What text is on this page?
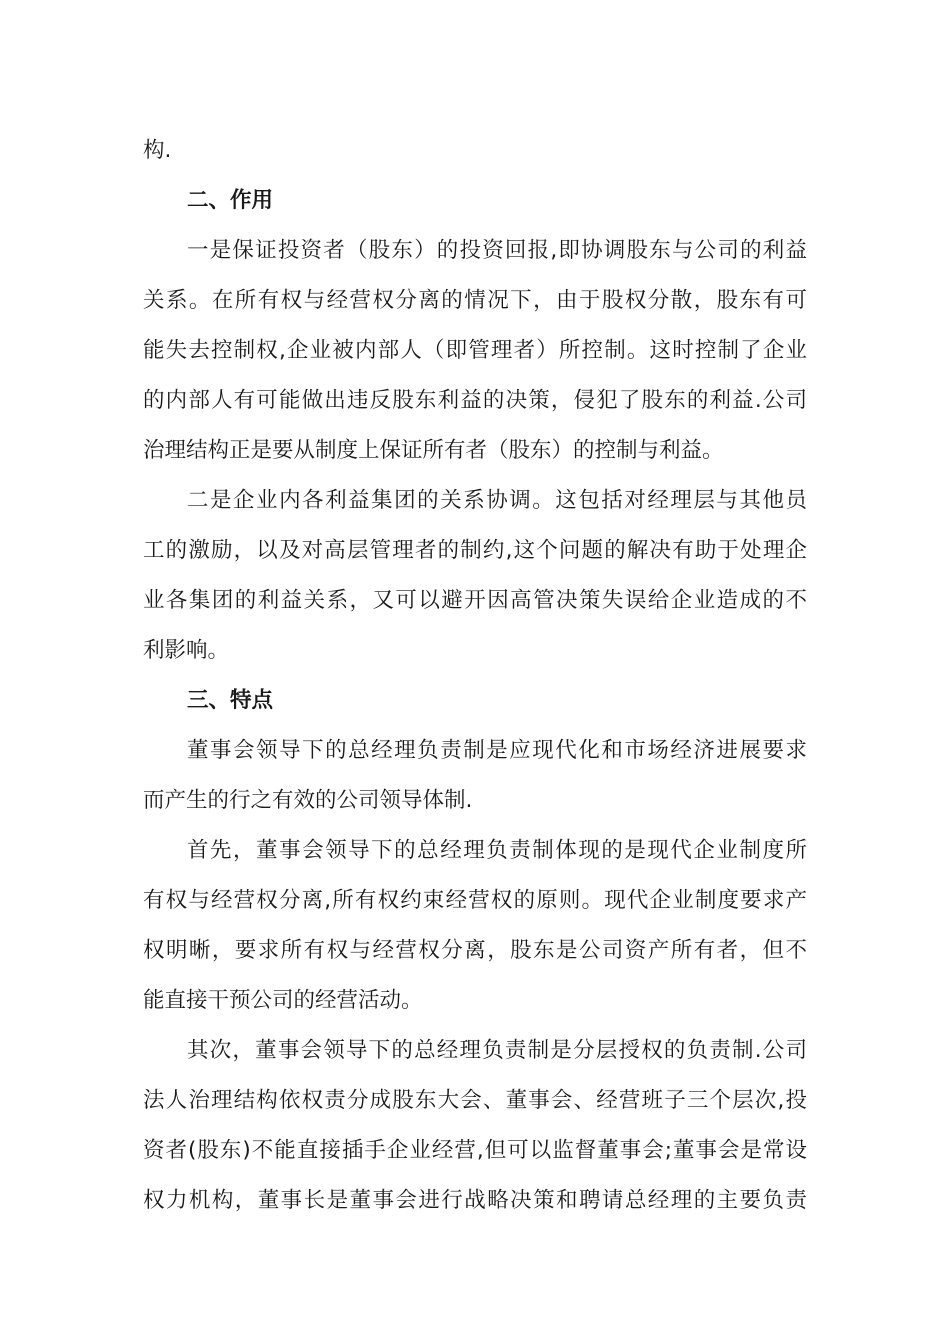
构.
二、作用
一是保证投资者（股东）的投资回报,即协调股东与公司的利益
关系。在所有权与经营权分离的情况下，由于股权分散，股东有可
能失去控制权,企业被内部人（即管理者）所控制。这时控制了企业
的内部人有可能做出违反股东利益的决策，侵犯了股东的利益.公司
治理结构正是要从制度上保证所有者（股东）的控制与利益。
二是企业内各利益集团的关系协调。这包括对经理层与其他员
工的激励，以及对高层管理者的制约,这个问题的解决有助于处理企
业各集团的利益关系，又可以避开因高管决策失误给企业造成的不
利影响。
三、特点
董事会领导下的总经理负责制是应现代化和市场经济进展要求
而产生的行之有效的公司领导体制.
首先，董事会领导下的总经理负责制体现的是现代企业制度所
有权与经营权分离,所有权约束经营权的原则。现代企业制度要求产
权明晰，要求所有权与经营权分离，股东是公司资产所有者，但不
能直接干预公司的经营活动。
其次，董事会领导下的总经理负责制是分层授权的负责制.公司
法人治理结构依权责分成股东大会、董事会、经营班子三个层次,投
资者(股东)不能直接插手企业经营,但可以监督董事会;董事会是常设
权力机构，董事长是董事会进行战略决策和聘请总经理的主要负责
